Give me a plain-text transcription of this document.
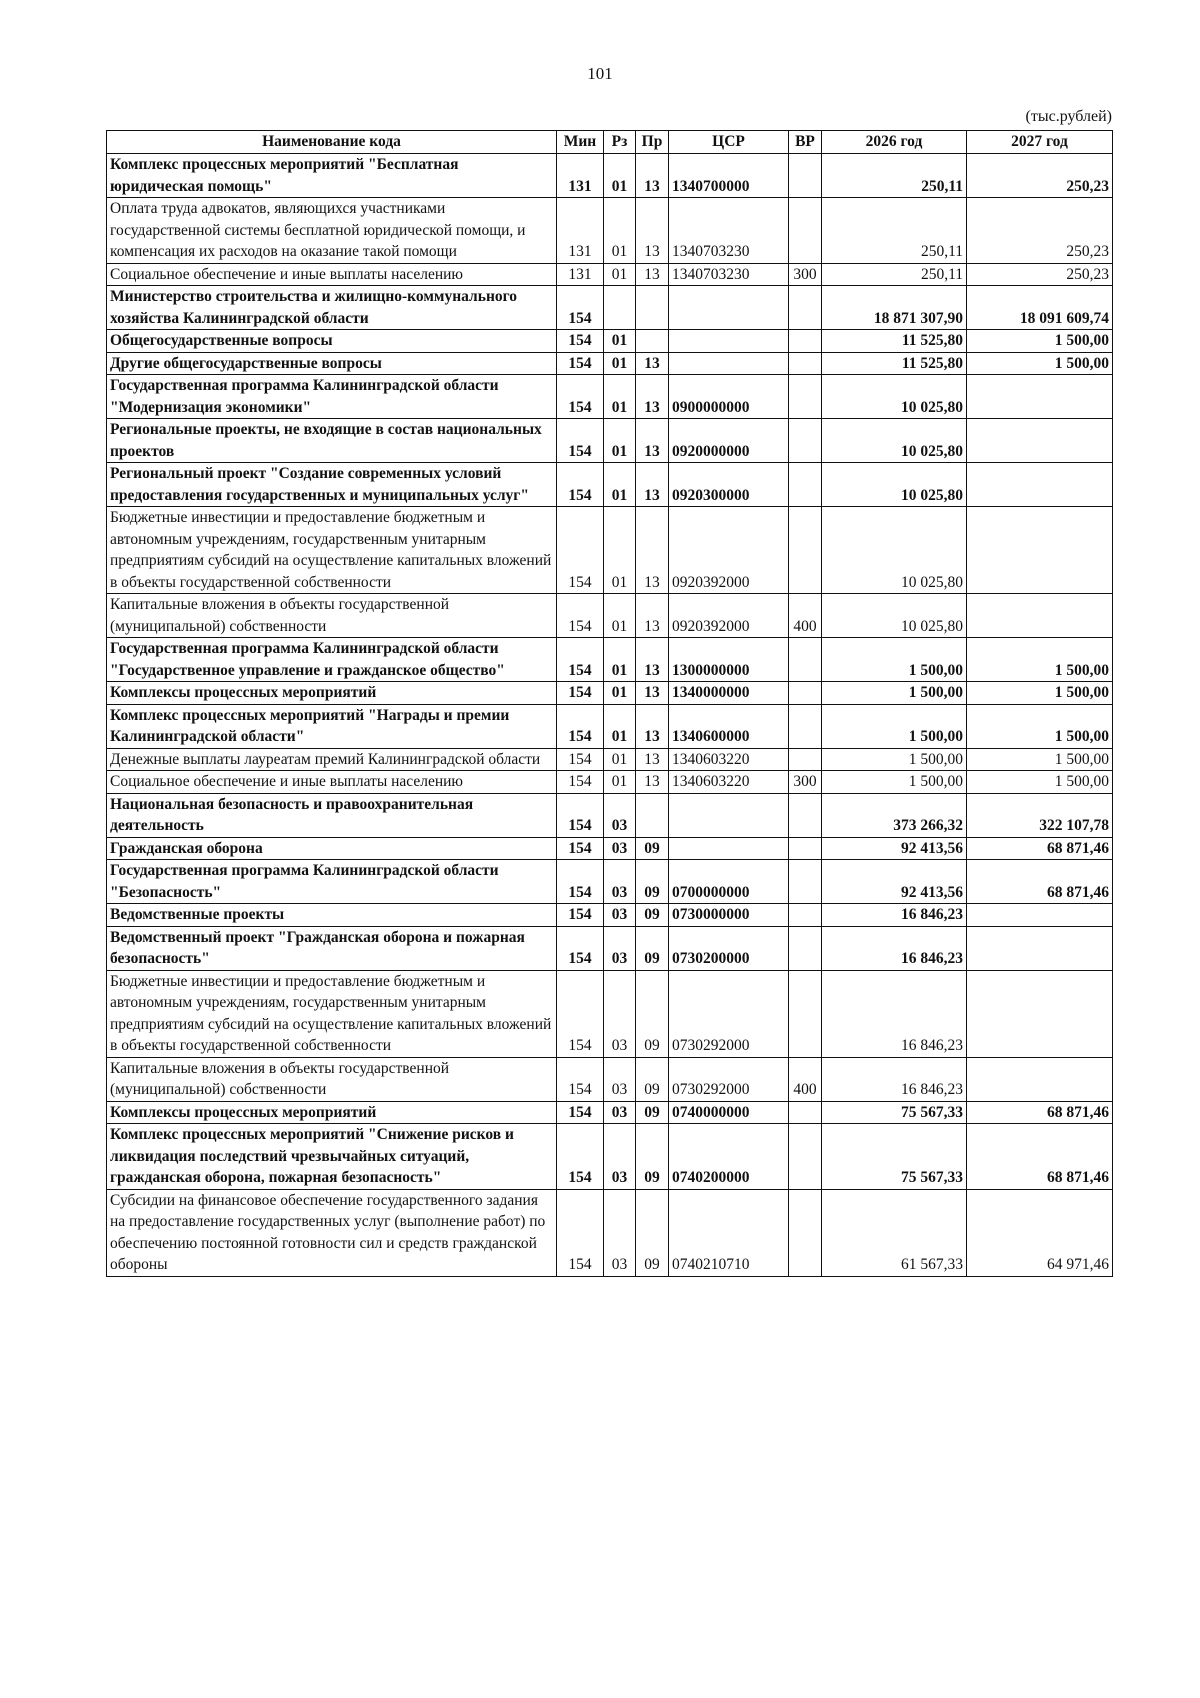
101
(тыс.рублей)
Наименование кода	Мин	Рз	Пр	ЦСР	ВР	2026 год	2027 год
Комплекс процессных мероприятий "Бесплатная юридическая помощь"	131	01	13	1340700000		250,11	250,23
Оплата труда адвокатов, являющихся участниками государственной системы бесплатной юридической помощи, и компенсация их расходов на оказание такой помощи	131	01	13	1340703230		250,11	250,23
Социальное обеспечение и иные выплаты населению	131	01	13	1340703230	300	250,11	250,23
Министерство строительства и жилищно-коммунального хозяйства Калининградской области	154					18 871 307,90	18 091 609,74
Общегосударственные вопросы	154	01				11 525,80	1 500,00
Другие общегосударственные вопросы	154	01	13			11 525,80	1 500,00
Государственная программа Калининградской области "Модернизация экономики"	154	01	13	0900000000		10 025,80	
Региональные проекты, не входящие в состав национальных проектов	154	01	13	0920000000		10 025,80	
Региональный проект "Создание современных условий предоставления государственных и муниципальных услуг"	154	01	13	0920300000		10 025,80	
Бюджетные инвестиции и предоставление бюджетным и автономным учреждениям, государственным унитарным предприятиям субсидий на осуществление капитальных вложений в объекты государственной собственности	154	01	13	0920392000		10 025,80	
Капитальные вложения в объекты государственной (муниципальной) собственности	154	01	13	0920392000	400	10 025,80	
Государственная программа Калининградской области "Государственное управление и гражданское общество"	154	01	13	1300000000		1 500,00	1 500,00
Комплексы процессных мероприятий	154	01	13	1340000000		1 500,00	1 500,00
Комплекс процессных мероприятий "Награды и премии Калининградской области"	154	01	13	1340600000		1 500,00	1 500,00
Денежные выплаты лауреатам премий Калининградской области	154	01	13	1340603220		1 500,00	1 500,00
Социальное обеспечение и иные выплаты населению	154	01	13	1340603220	300	1 500,00	1 500,00
Национальная безопасность и правоохранительная деятельность	154	03				373 266,32	322 107,78
Гражданская оборона	154	03	09			92 413,56	68 871,46
Государственная программа Калининградской области "Безопасность"	154	03	09	0700000000		92 413,56	68 871,46
Ведомственные проекты	154	03	09	0730000000		16 846,23	
Ведомственный проект "Гражданская оборона и пожарная безопасность"	154	03	09	0730200000		16 846,23	
Бюджетные инвестиции и предоставление бюджетным и автономным учреждениям, государственным унитарным предприятиям субсидий на осуществление капитальных вложений в объекты государственной собственности	154	03	09	0730292000		16 846,23	
Капитальные вложения в объекты государственной (муниципальной) собственности	154	03	09	0730292000	400	16 846,23	
Комплексы процессных мероприятий	154	03	09	0740000000		75 567,33	68 871,46
Комплекс процессных мероприятий "Снижение рисков и ликвидация последствий чрезвычайных ситуаций, гражданская оборона, пожарная безопасность"	154	03	09	0740200000		75 567,33	68 871,46
Субсидии на финансовое обеспечение государственного задания на предоставление государственных услуг (выполнение работ) по обеспечению постоянной готовности сил и средств гражданской обороны	154	03	09	0740210710		61 567,33	64 971,46
